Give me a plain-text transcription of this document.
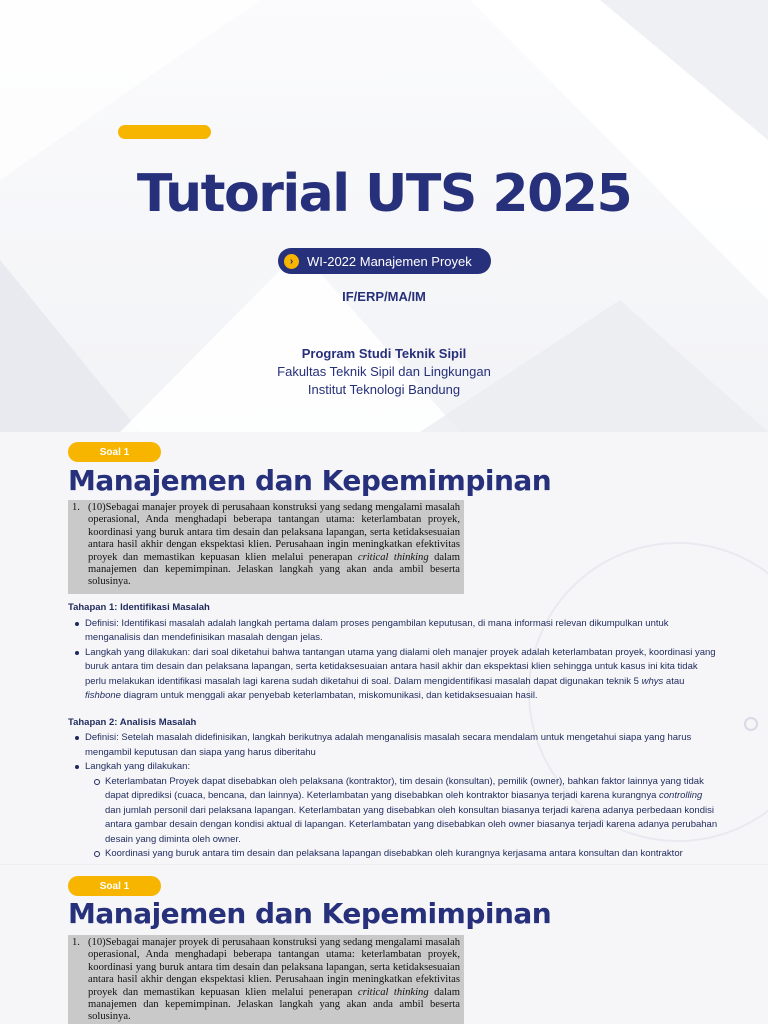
Tutorial UTS 2025
›	WI-2022 Manajemen Proyek
IF/ERP/MA/IM
Program Studi Teknik Sipil
Fakultas Teknik Sipil dan Lingkungan
Institut Teknologi Bandung
Soal 1
Manajemen dan Kepemimpinan
1. (10)Sebagai manajer proyek di perusahaan konstruksi yang sedang mengalami masalah operasional, Anda menghadapi beberapa tantangan utama: keterlambatan proyek, koordinasi yang buruk antara tim desain dan pelaksana lapangan, serta ketidaksesuaian antara hasil akhir dengan ekspektasi klien. Perusahaan ingin meningkatkan efektivitas proyek dan memastikan kepuasan klien melalui penerapan critical thinking dalam manajemen dan kepemimpinan. Jelaskan langkah yang akan anda ambil beserta solusinya.
Tahapan 1: Identifikasi Masalah
Definisi: Identifikasi masalah adalah langkah pertama dalam proses pengambilan keputusan, di mana informasi relevan dikumpulkan untuk menganalisis dan mendefinisikan masalah dengan jelas.
Langkah yang dilakukan: dari soal diketahui bahwa tantangan utama yang dialami oleh manajer proyek adalah keterlambatan proyek, koordinasi yang buruk antara tim desain dan pelaksana lapangan, serta ketidaksesuaian antara hasil akhir dan ekspektasi klien sehingga untuk kasus ini kita tidak perlu melakukan identifikasi masalah lagi karena sudah diketahui di soal. Dalam mengidentifikasi masalah dapat digunakan teknik 5 whys atau fishbone diagram untuk menggali akar penyebab keterlambatan, miskomunikasi, dan ketidaksesuaian hasil.
Tahapan 2: Analisis Masalah
Definisi: Setelah masalah didefinisikan, langkah berikutnya adalah menganalisis masalah secara mendalam untuk mengetahui siapa yang harus mengambil keputusan dan siapa yang harus diberitahu
Langkah yang dilakukan:
Keterlambatan Proyek dapat disebabkan oleh pelaksana (kontraktor), tim desain (konsultan), pemilik (owner), bahkan faktor lainnya yang tidak dapat diprediksi (cuaca, bencana, dan lainnya). Keterlambatan yang disebabkan oleh kontraktor biasanya terjadi karena kurangnya controlling dan jumlah personil dari pelaksana lapangan. Keterlambatan yang disebabkan oleh konsultan biasanya terjadi karena adanya perbedaan kondisi antara gambar desain dengan kondisi aktual di lapangan. Keterlambatan yang disebabkan oleh owner biasanya terjadi karena adanya perubahan desain yang diminta oleh owner.
Koordinasi yang buruk antara tim desain dan pelaksana lapangan disebabkan oleh kurangnya kerjasama antara konsultan dan kontraktor
Soal 1
Manajemen dan Kepemimpinan
1. (10)Sebagai manajer proyek di perusahaan konstruksi yang sedang mengalami masalah operasional, Anda menghadapi beberapa tantangan utama: keterlambatan proyek, koordinasi yang buruk antara tim desain dan pelaksana lapangan, serta ketidaksesuaian antara hasil akhir dengan ekspektasi klien. Perusahaan ingin meningkatkan efektivitas proyek dan memastikan kepuasan klien melalui penerapan critical thinking dalam manajemen dan kepemimpinan. Jelaskan langkah yang akan anda ambil beserta solusinya.
